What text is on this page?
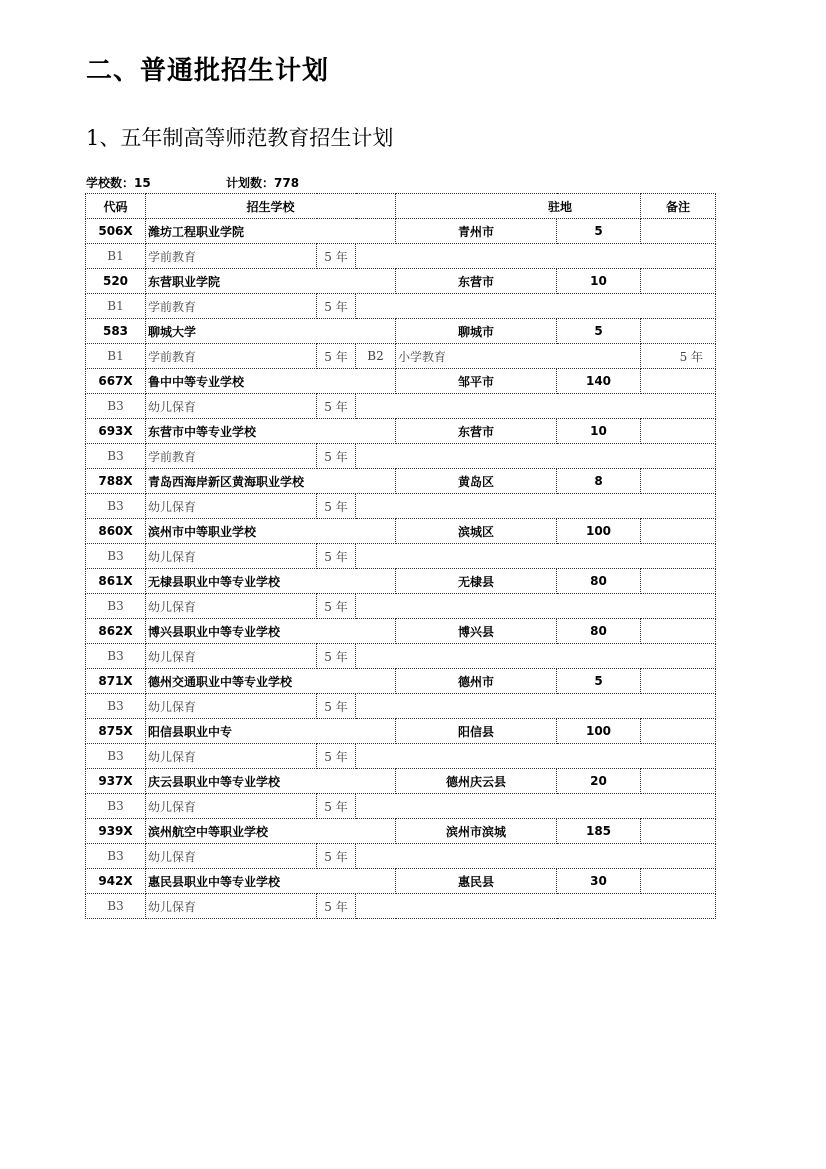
二、普通批招生计划
1、五年制高等师范教育招生计划
学校数：15	计划数：778
代码	招生学校			驻地		备注
506X	潍坊工程职业学院			青州市	5	
B1	学前教育	5 年				
520	东营职业学院			东营市	10	
B1	学前教育	5 年				
583	聊城大学			聊城市	5	
B1	学前教育	5 年	B2	小学教育		5 年
667X	鲁中中等专业学校			邹平市	140	
B3	幼儿保育	5 年				
693X	东营市中等专业学校			东营市	10	
B3	学前教育	5 年				
788X	青岛西海岸新区黄海职业学校			黄岛区	8	
B3	幼儿保育	5 年				
860X	滨州市中等职业学校			滨城区	100	
B3	幼儿保育	5 年				
861X	无棣县职业中等专业学校			无棣县	80	
B3	幼儿保育	5 年				
862X	博兴县职业中等专业学校			博兴县	80	
B3	幼儿保育	5 年				
871X	德州交通职业中等专业学校			德州市	5	
B3	幼儿保育	5 年				
875X	阳信县职业中专			阳信县	100	
B3	幼儿保育	5 年				
937X	庆云县职业中等专业学校			德州庆云县	20	
B3	幼儿保育	5 年				
939X	滨州航空中等职业学校			滨州市滨城	185	
B3	幼儿保育	5 年				
942X	惠民县职业中等专业学校			惠民县	30	
B3	幼儿保育	5 年				
